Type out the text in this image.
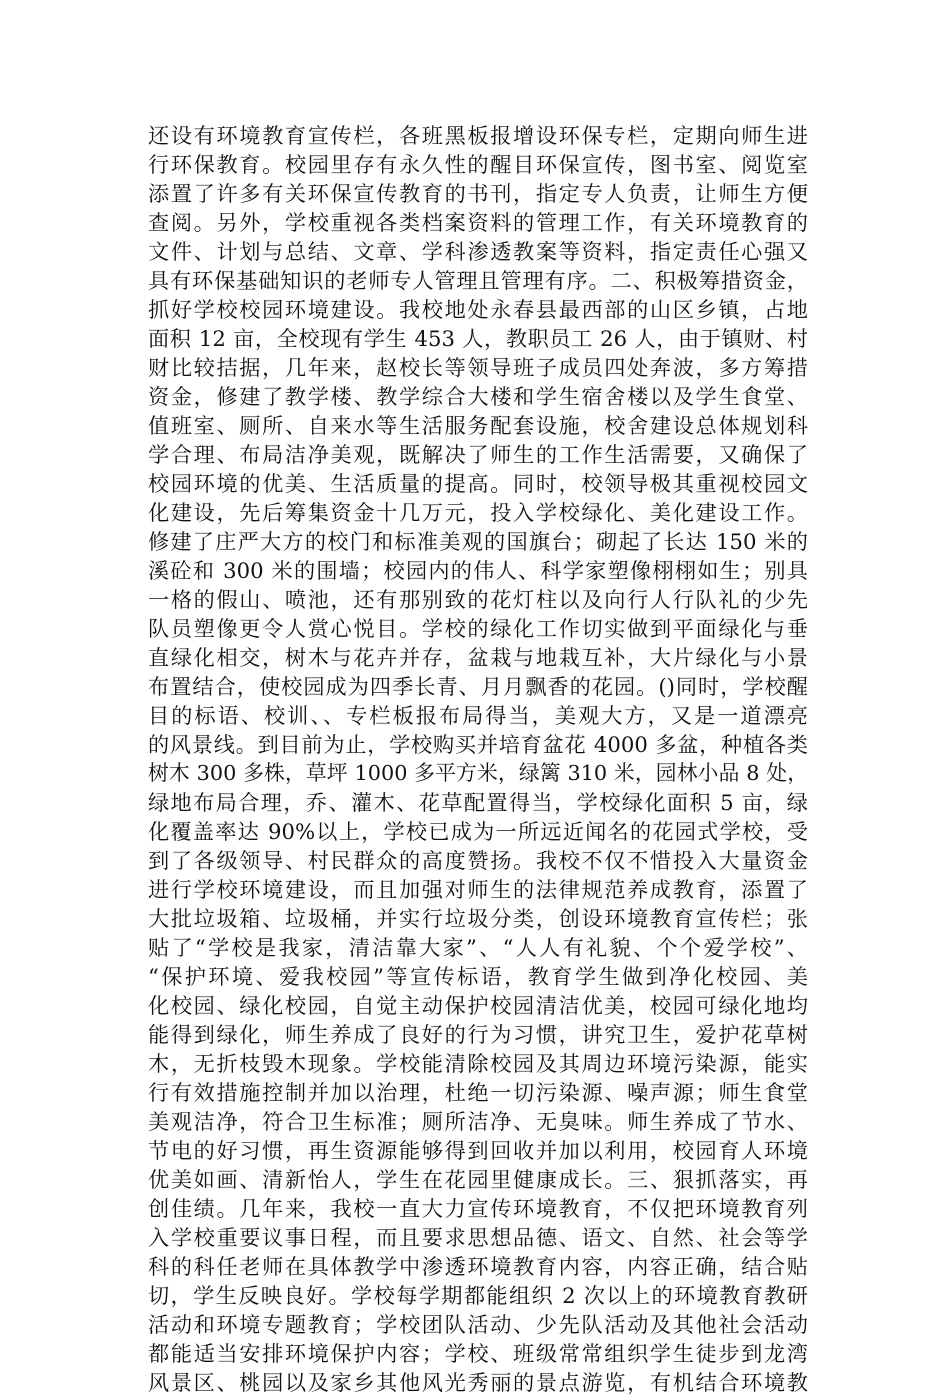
还设有环境教育宣传栏，各班黑板报增设环保专栏，定期向师生进
行环保教育。校园里存有永久性的醒目环保宣传，图书室、阅览室
添置了许多有关环保宣传教育的书刊，指定专人负责，让师生方便
查阅。另外，学校重视各类档案资料的管理工作，有关环境教育的
文件、计划与总结、文章、学科渗透教案等资料，指定责任心强又
具有环保基础知识的老师专人管理且管理有序。二、积极筹措资金，
抓好学校校园环境建设。我校地处永春县最西部的山区乡镇，占地
面积 12 亩，全校现有学生 453 人，教职员工 26 人，由于镇财、村
财比较拮据，几年来，赵校长等领导班子成员四处奔波，多方筹措
资金，修建了教学楼、教学综合大楼和学生宿舍楼以及学生食堂、
值班室、厕所、自来水等生活服务配套设施，校舍建设总体规划科
学合理、布局洁净美观，既解决了师生的工作生活需要，又确保了
校园环境的优美、生活质量的提高。同时，校领导极其重视校园文
化建设，先后筹集资金十几万元，投入学校绿化、美化建设工作。
修建了庄严大方的校门和标准美观的国旗台；砌起了长达 150 米的
溪砼和 300 米的围墙；校园内的伟人、科学家塑像栩栩如生；别具
一格的假山、喷池，还有那别致的花灯柱以及向行人行队礼的少先
队员塑像更令人赏心悦目。学校的绿化工作切实做到平面绿化与垂
直绿化相交，树木与花卉并存，盆栽与地栽互补，大片绿化与小景
布置结合，使校园成为四季长青、月月飘香的花园。()同时，学校醒
目的标语、校训、、专栏板报布局得当，美观大方，又是一道漂亮
的风景线。到目前为止，学校购买并培育盆花 4000 多盆，种植各类
树木 300 多株，草坪 1000 多平方米，绿篱 310 米，园林小品 8 处，
绿地布局合理，乔、灌木、花草配置得当，学校绿化面积 5 亩，绿
化覆盖率达 90%以上，学校已成为一所远近闻名的花园式学校，受
到了各级领导、村民群众的高度赞扬。我校不仅不惜投入大量资金
进行学校环境建设，而且加强对师生的法律规范养成教育，添置了
大批垃圾箱、垃圾桶，并实行垃圾分类，创设环境教育宣传栏；张
贴了“学校是我家，清洁靠大家”、“人人有礼貌、个个爱学校”、
“保护环境、爱我校园”等宣传标语，教育学生做到净化校园、美
化校园、绿化校园，自觉主动保护校园清洁优美，校园可绿化地均
能得到绿化，师生养成了良好的行为习惯，讲究卫生，爱护花草树
木，无折枝毁木现象。学校能清除校园及其周边环境污染源，能实
行有效措施控制并加以治理，杜绝一切污染源、噪声源；师生食堂
美观洁净，符合卫生标准；厕所洁净、无臭味。师生养成了节水、
节电的好习惯，再生资源能够得到回收并加以利用，校园育人环境
优美如画、清新怡人，学生在花园里健康成长。三、狠抓落实，再
创佳绩。几年来，我校一直大力宣传环境教育，不仅把环境教育列
入学校重要议事日程，而且要求思想品德、语文、自然、社会等学
科的科任老师在具体教学中渗透环境教育内容，内容正确，结合贴
切，学生反映良好。学校每学期都能组织 2 次以上的环境教育教研
活动和环境专题教育；学校团队活动、少先队活动及其他社会活动
都能适当安排环境保护内容；学校、班级常常组织学生徒步到龙湾
风景区、桃园以及家乡其他风光秀丽的景点游览，有机结合环境教
